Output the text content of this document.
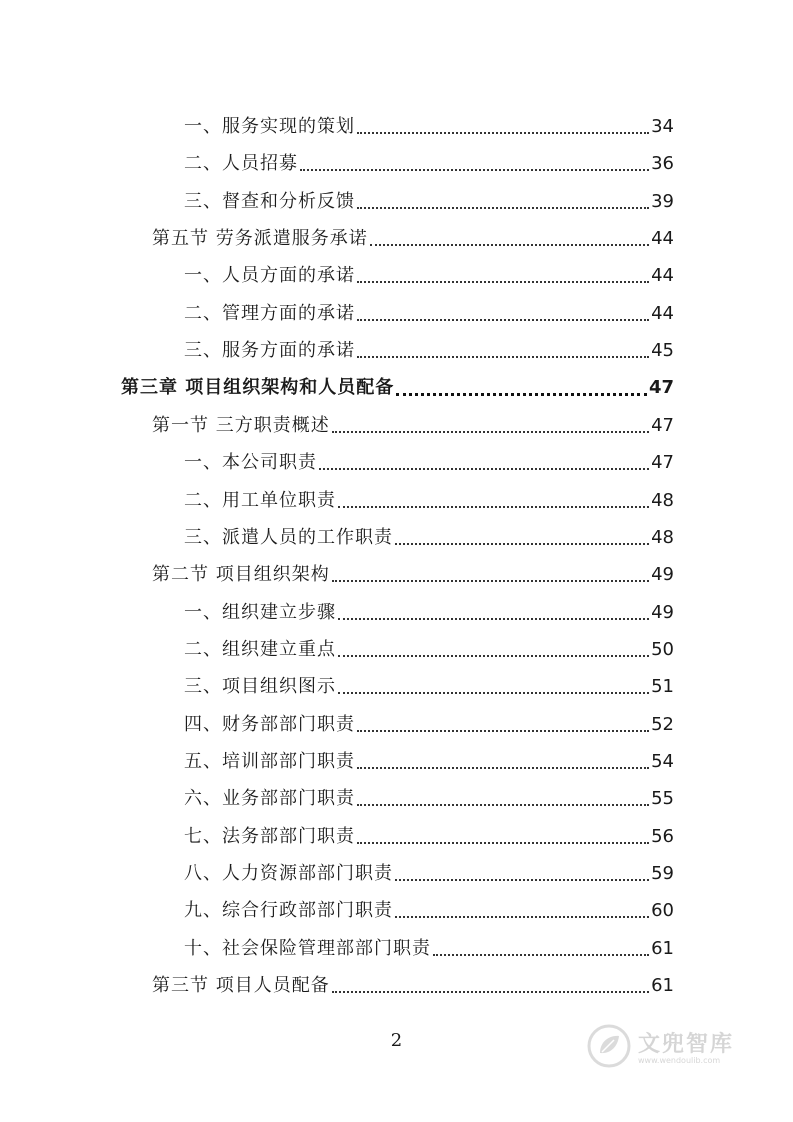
一、服务实现的策划	34
二、人员招募	36
三、督查和分析反馈	39
第五节 劳务派遣服务承诺	44
一、人员方面的承诺	44
二、管理方面的承诺	44
三、服务方面的承诺	45
第三章 项目组织架构和人员配备	47
第一节 三方职责概述	47
一、本公司职责	47
二、用工单位职责	48
三、派遣人员的工作职责	48
第二节 项目组织架构	49
一、组织建立步骤	49
二、组织建立重点	50
三、项目组织图示	51
四、财务部部门职责	52
五、培训部部门职责	54
六、业务部部门职责	55
七、法务部部门职责	56
八、人力资源部部门职责	59
九、综合行政部部门职责	60
十、社会保险管理部部门职责	61
第三节 项目人员配备	61
2	文兜智库
www.wendoulib.com
